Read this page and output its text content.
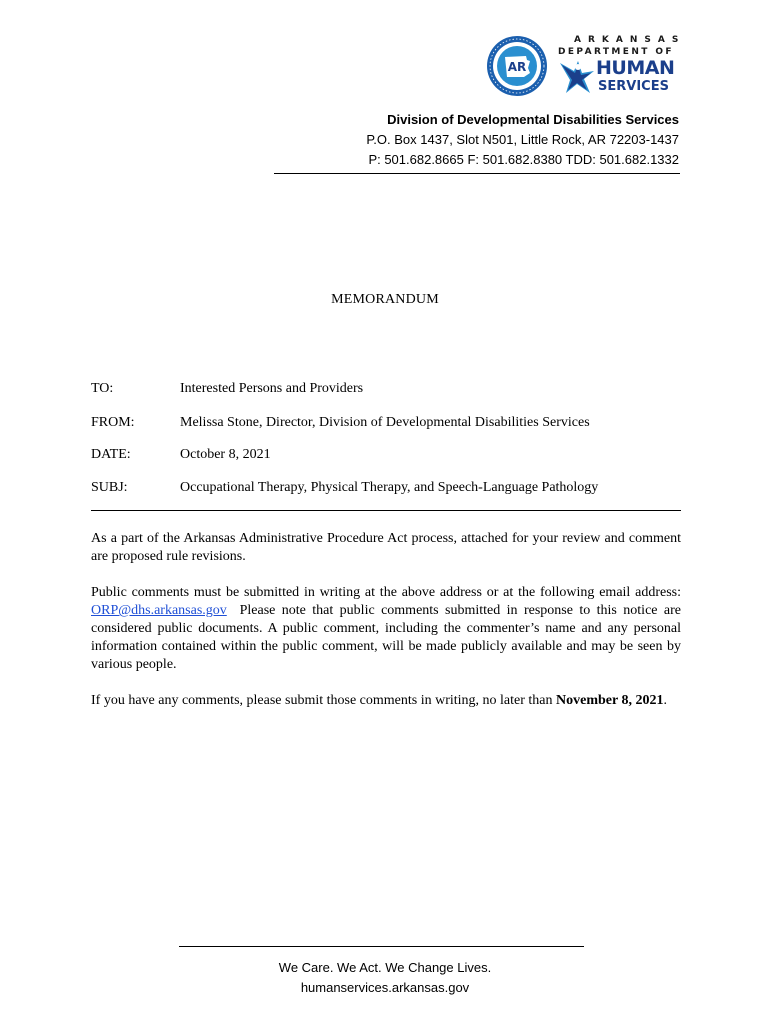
AR
ARKANSAS
DEPARTMENT OF
HUMAN
SERVICES
Division of Developmental Disabilities Services
P.O. Box 1437, Slot N501, Little Rock, AR 72203-1437
P: 501.682.8665 F: 501.682.8380 TDD: 501.682.1332
MEMORANDUM
TO:	Interested Persons and Providers
FROM:	Melissa Stone, Director, Division of Developmental Disabilities Services
DATE:	October 8, 2021
SUBJ:	Occupational Therapy, Physical Therapy, and Speech-Language Pathology
As a part of the Arkansas Administrative Procedure Act process, attached for your review and comment are proposed rule revisions.
Public comments must be submitted in writing at the above address or at the following email address: ORP@dhs.arkansas.gov  Please note that public comments submitted in response to this notice are considered public documents. A public comment, including the commenter’s name and any personal information contained within the public comment, will be made publicly available and may be seen by various people.
If you have any comments, please submit those comments in writing, no later than November 8, 2021.
We Care. We Act. We Change Lives.
humanservices.arkansas.gov
